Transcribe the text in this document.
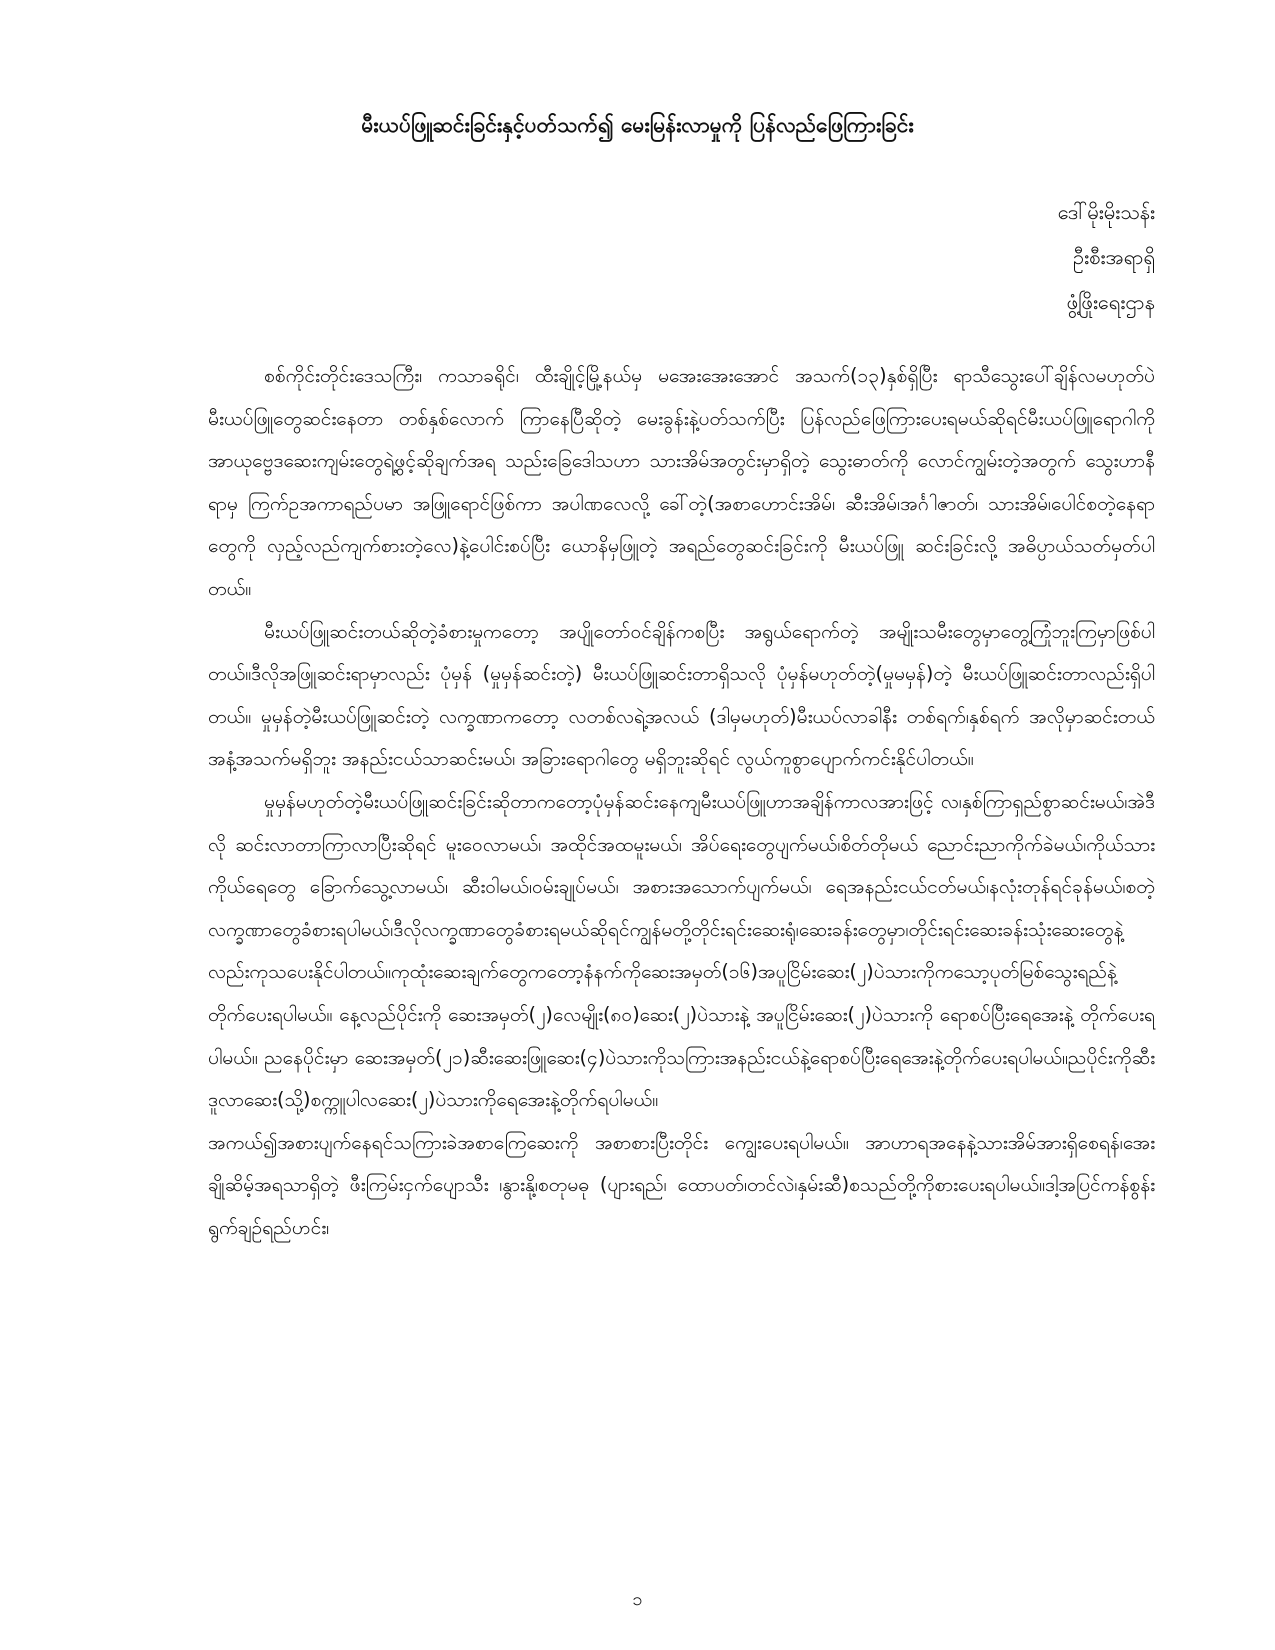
မီးယပ်ဖြူဆင်းခြင်းနှင့်ပတ်သက်၍ မေးမြန်းလာမှုကို ပြန်လည်ဖြေကြားခြင်း
ဒေါ်မိုးမိုးသန်း
ဦးစီးအရာရှိ
ဖွံ့ဖြိုးရေးဌာန

စစ်ကိုင်းတိုင်းဒေသကြီး၊ ကသာခရိုင်၊ ထီးချိုင့်မြို့နယ်မှ မအေးအေးအောင် အသက်(၁၃)နှစ်ရှိပြီး ရာသီသွေးပေါ်ချိန်လမဟုတ်ပဲ မီးယပ်ဖြူတွေဆင်းနေတာ တစ်နှစ်လောက် ကြာနေပြီဆိုတဲ့ မေးခွန်းနဲ့ပတ်သက်ပြီး ပြန်လည်ဖြေကြားပေးရမယ်ဆိုရင်မီးယပ်ဖြူရောဂါကိုအာယုဗ္ဗေဒဆေးကျမ်းတွေရဲ့ဖွင့်ဆိုချက်အရ သည်းခြေဒေါသဟာ သားအိမ်အတွင်းမှာရှိတဲ့ သွေးဓာတ်ကို လောင်ကျွမ်းတဲ့အတွက် သွေးဟာနီရာမှ ကြက်ဥအကာရည်ပမာ အဖြူရောင်ဖြစ်ကာ အပါဏလေလို့ ခေါ်တဲ့(အစာဟောင်းအိမ်၊ ဆီးအိမ်၊အင်္ဂါဇာတ်၊ သားအိမ်၊ပေါင်စတဲ့နေရာတွေကို လှည့်လည်ကျက်စားတဲ့လေ)နဲ့ပေါင်းစပ်ပြီး ယောနိမှဖြူတဲ့ အရည်တွေဆင်းခြင်းကို မီးယပ်ဖြူ ဆင်းခြင်းလို့ အဓိပ္ပာယ်သတ်မှတ်ပါတယ်။

မီးယပ်ဖြူဆင်းတယ်ဆိုတဲ့ခံစားမှုကတော့ အပျိုတော်ဝင်ချိန်ကစပြီး အရွယ်ရောက်တဲ့ အမျိုးသမီးတွေမှာတွေ့ကြုံဘူးကြမှာဖြစ်ပါတယ်။ဒီလိုအဖြူဆင်းရာမှာလည်း ပုံမှန် (မှုမှန်ဆင်းတဲ့) မီးယပ်ဖြူဆင်းတာရှိသလို ပုံမှန်မဟုတ်တဲ့(မှုမမှန်)တဲ့ မီးယပ်ဖြူဆင်းတာလည်းရှိပါတယ်။ မှုမှန်တဲ့မီးယပ်ဖြူဆင်းတဲ့ လက္ခဏာကတော့ လတစ်လရဲ့အလယ် (ဒါမှမဟုတ်)မီးယပ်လာခါနီး တစ်ရက်၊နှစ်ရက် အလိုမှာဆင်းတယ်အနံ့အသက်မရှိဘူး အနည်းငယ်သာဆင်းမယ်၊ အခြားရောဂါတွေ မရှိဘူးဆိုရင် လွယ်ကူစွာပျောက်ကင်းနိုင်ပါတယ်။

မှုမှန်မဟုတ်တဲ့မီးယပ်ဖြူဆင်းခြင်းဆိုတာကတော့ပုံမှန်ဆင်းနေကျမီးယပ်ဖြူဟာအချိန်ကာလအားဖြင့် လ၊နှစ်ကြာရှည်စွာဆင်းမယ်၊အဲဒီလို ဆင်းလာတာကြာလာပြီးဆိုရင် မူးဝေလာမယ်၊ အထိုင်အထမူးမယ်၊ အိပ်ရေးတွေပျက်မယ်၊စိတ်တိုမယ် ညောင်းညာကိုက်ခဲမယ်၊ကိုယ်သားကိုယ်ရေတွေ ခြောက်သွေ့လာမယ်၊ ဆီးဝါမယ်၊ဝမ်းချုပ်မယ်၊ အစားအသောက်ပျက်မယ်၊ ရေအနည်းငယ်ငတ်မယ်၊နလုံးတုန်ရင်ခုန်မယ်၊စတဲ့လက္ခဏာတွေခံစားရပါမယ်၊ဒီလိုလက္ခဏာတွေခံစားရမယ်ဆိုရင်ကျွန်မတို့တိုင်းရင်းဆေးရုံ၊ဆေးခန်းတွေမှာ၊တိုင်းရင်းဆေးခန်းသုံးဆေးတွေနဲ့လည်းကုသပေးနိုင်ပါတယ်။ကုထုံးဆေးချက်တွေကတော့နံနက်ကိုဆေးအမှတ်(၁၆)အပူငြိမ်းဆေး(၂)ပဲသားကိုကသော့ပုတ်မြစ်သွေးရည်နဲ့ တိုက်ပေးရပါမယ်။ နေ့လည်ပိုင်းကို ဆေးအမှတ်(၂)လေမျိုး(၈၀)ဆေး(၂)ပဲသားနဲ့ အပူငြိမ်းဆေး(၂)ပဲသားကို ရောစပ်ပြီးရေအေးနဲ့ တိုက်ပေးရပါမယ်။ ညနေပိုင်းမှာ ဆေးအမှတ်(၂၁)ဆီးဆေးဖြူဆေး(၄)ပဲသားကိုသကြားအနည်းငယ်နဲ့ရောစပ်ပြီးရေအေးနဲ့တိုက်ပေးရပါမယ်။ညပိုင်းကိုဆီးဒူလာဆေး(သို့)စက္ကူပါလဆေး(၂)ပဲသားကိုရေအေးနဲ့တိုက်ရပါမယ်။

အကယ်၍အစားပျက်နေရင်သကြားခဲအစာကြေဆေးကို အစာစားပြီးတိုင်း ကျွေးပေးရပါမယ်။ အာဟာရအနေနဲ့သားအိမ်အားရှိစေရန်၊အေးချိုဆိမ့်အရသာရှိတဲ့ ဖီးကြမ်းငှက်ပျောသီး ၊နွားနို့၊စတုမဓု (ပျားရည်၊ ထောပတ်၊တင်လဲ၊နှမ်းဆီ)စသည်တို့ကိုစားပေးရပါမယ်။ဒါ့အပြင်ကန်စွန်းရွက်ချဉ်ရည်ဟင်း၊

၁
